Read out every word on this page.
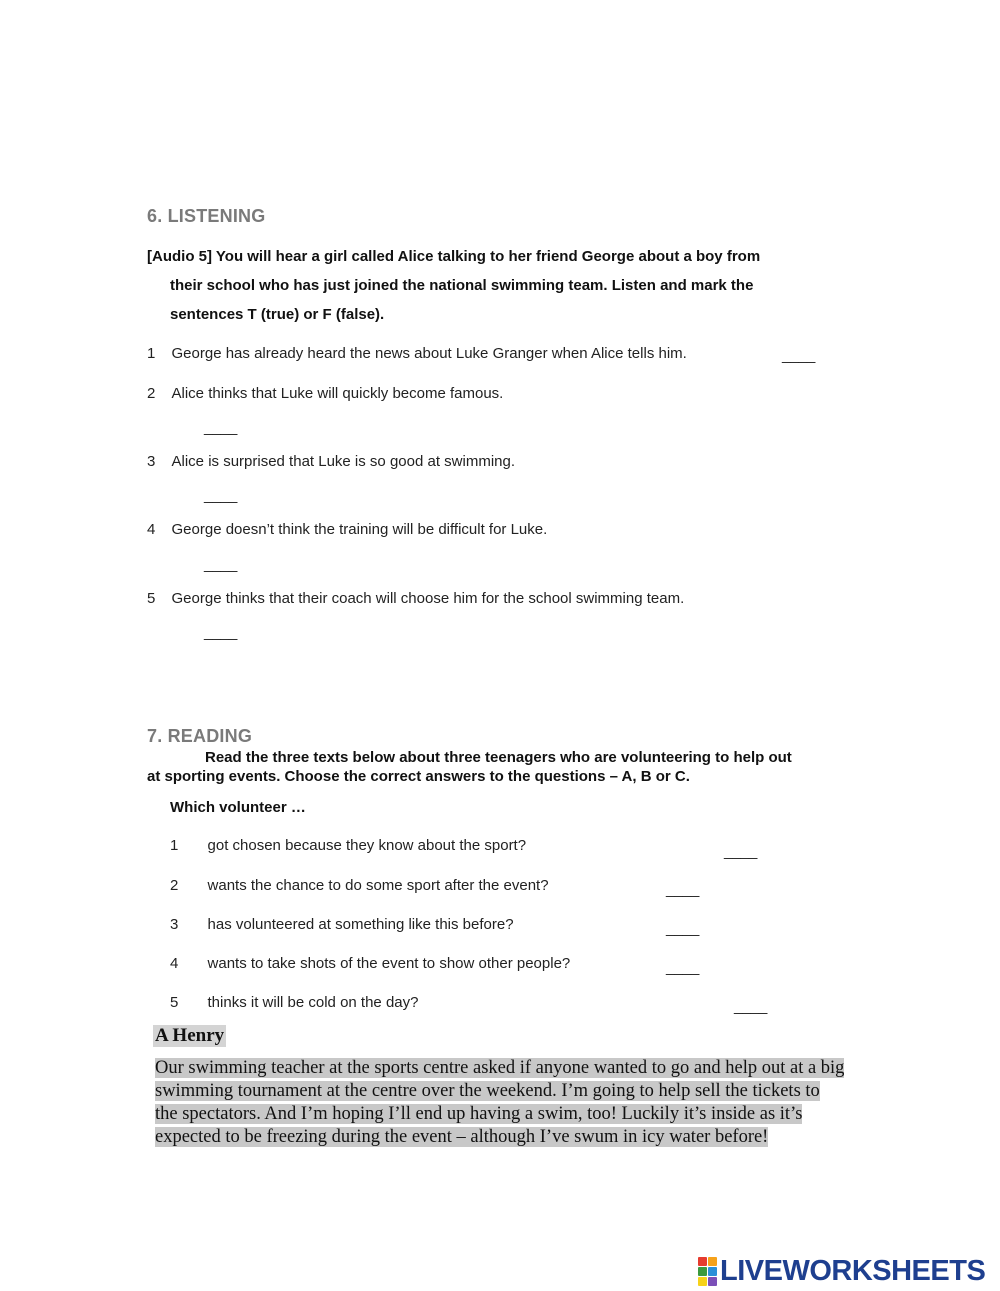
6. LISTENING
[Audio 5] You will hear a girl called Alice talking to her friend George about a boy from
their school who has just joined the national swimming team. Listen and mark the
sentences T (true) or F (false).
1 George has already heard the news about Luke Granger when Alice tells him.	____
2 Alice thinks that Luke will quickly become famous.
____
3 Alice is surprised that Luke is so good at swimming.
____
4 George doesn’t think the training will be difficult for Luke.
____
5 George thinks that their coach will choose him for the school swimming team.
____
7. READING
Read the three texts below about three teenagers who are volunteering to help out
at sporting events. Choose the correct answers to the questions – A, B or C.
Which volunteer …
1 got chosen because they know about the sport?	____
2 wants the chance to do some sport after the event?	____
3 has volunteered at something like this before?	____
4 wants to take shots of the event to show other people?	____
5 thinks it will be cold on the day?	____
A Henry
Our swimming teacher at the sports centre asked if anyone wanted to go and help out at a big swimming tournament at the centre over the weekend. I’m going to help sell the tickets to the spectators. And I’m hoping I’ll end up having a swim, too! Luckily it’s inside as it’s expected to be freezing during the event – although I’ve swum in icy water before!
LIVEWORKSHEETS
